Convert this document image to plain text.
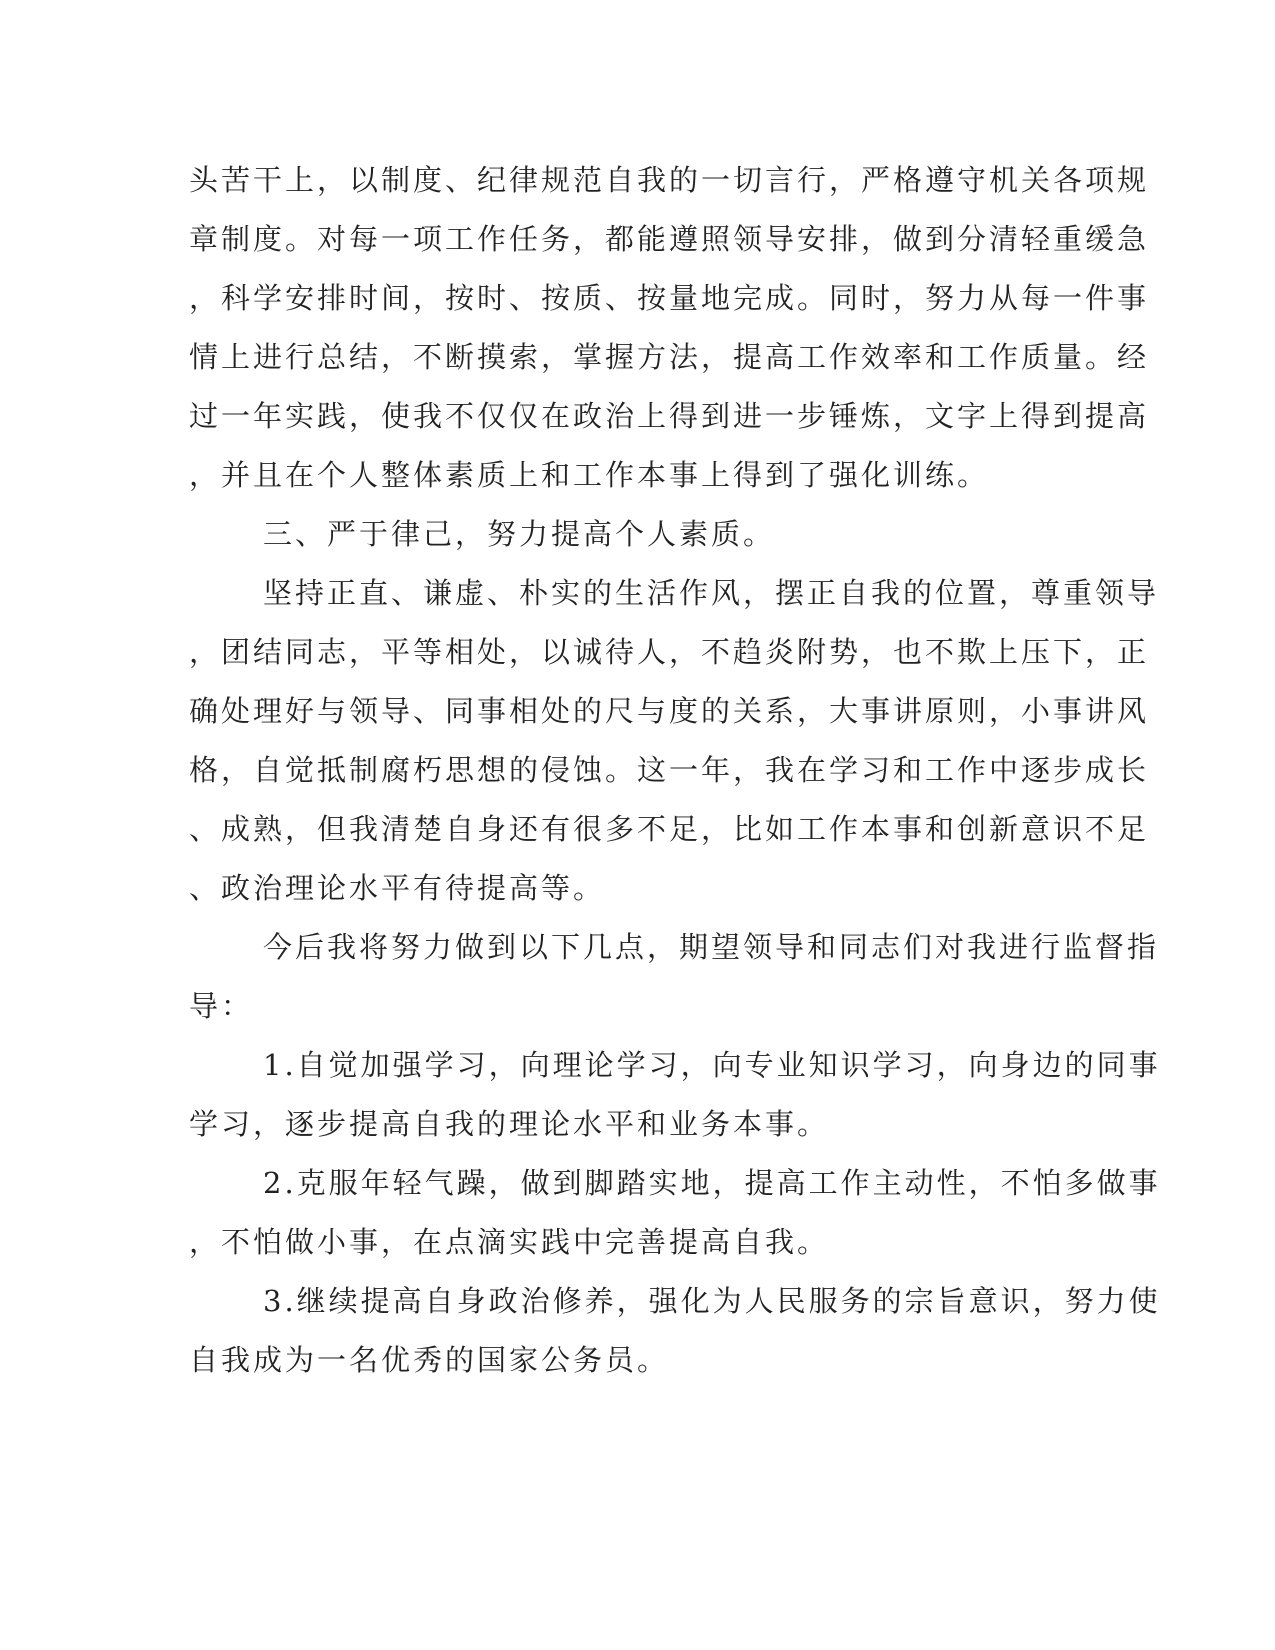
头苦干上，以制度、纪律规范自我的一切言行，严格遵守机关各项规

章制度。对每一项工作任务，都能遵照领导安排，做到分清轻重缓急

，科学安排时间，按时、按质、按量地完成。同时，努力从每一件事

情上进行总结，不断摸索，掌握方法，提高工作效率和工作质量。经

过一年实践，使我不仅仅在政治上得到进一步锤炼，文字上得到提高

，并且在个人整体素质上和工作本事上得到了强化训练。

三、严于律己，努力提高个人素质。

坚持正直、谦虚、朴实的生活作风，摆正自我的位置，尊重领导

，团结同志，平等相处，以诚待人，不趋炎附势，也不欺上压下，正

确处理好与领导、同事相处的尺与度的关系，大事讲原则，小事讲风

格，自觉抵制腐朽思想的侵蚀。这一年，我在学习和工作中逐步成长

、成熟，但我清楚自身还有很多不足，比如工作本事和创新意识不足

、政治理论水平有待提高等。

今后我将努力做到以下几点，期望领导和同志们对我进行监督指

导：

1.自觉加强学习，向理论学习，向专业知识学习，向身边的同事

学习，逐步提高自我的理论水平和业务本事。

2.克服年轻气躁，做到脚踏实地，提高工作主动性，不怕多做事

，不怕做小事，在点滴实践中完善提高自我。

3.继续提高自身政治修养，强化为人民服务的宗旨意识，努力使

自我成为一名优秀的国家公务员。
